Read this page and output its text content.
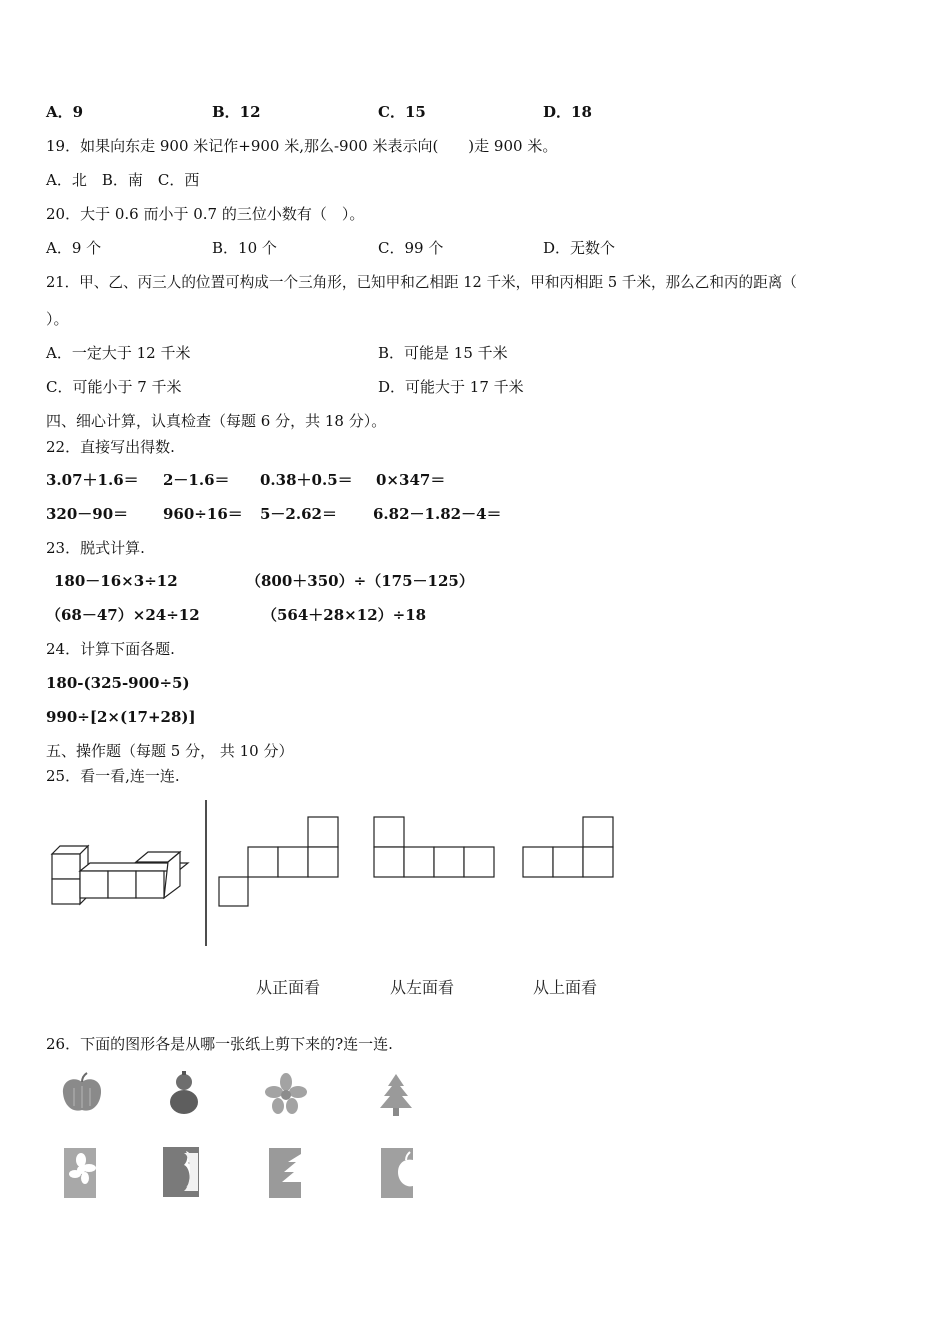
A．9	B．12	C．15	D．18
19．如果向东走 900 米记作+900 米,那么-900 米表示向(　　)走 900 米。
A．北　B．南　C．西
20．大于 0.6 而小于 0.7 的三位小数有（　）。
A．9 个	B．10 个	C．99 个	D．无数个
21．甲、乙、丙三人的位置可构成一个三角形，已知甲和乙相距 12 千米，甲和丙相距 5 千米，那么乙和丙的距离（
）。
A．一定大于 12 千米	B．可能是 15 千米
C．可能小于 7 千米	D．可能大于 17 千米
四、细心计算，认真检查（每题 6 分，共 18 分）。
22．直接写出得数.
3.07＋1.6＝ 2－1.6＝ 0.38＋0.5＝ 0×347＝
320－90＝ 960÷16＝ 5－2.62＝ 6.82－1.82－4＝
23．脱式计算.
180－16×3÷12	（800＋350）÷（175－125）
（68－47）×24÷12	（564＋28×12）÷18
24．计算下面各题.
180-(325-900÷5)
990÷[2×(17+28)]
五、操作题（每题 5 分， 共 10 分）
25．看一看,连一连.
从正面看	从左面看	从上面看
26．下面的图形各是从哪一张纸上剪下来的?连一连.
